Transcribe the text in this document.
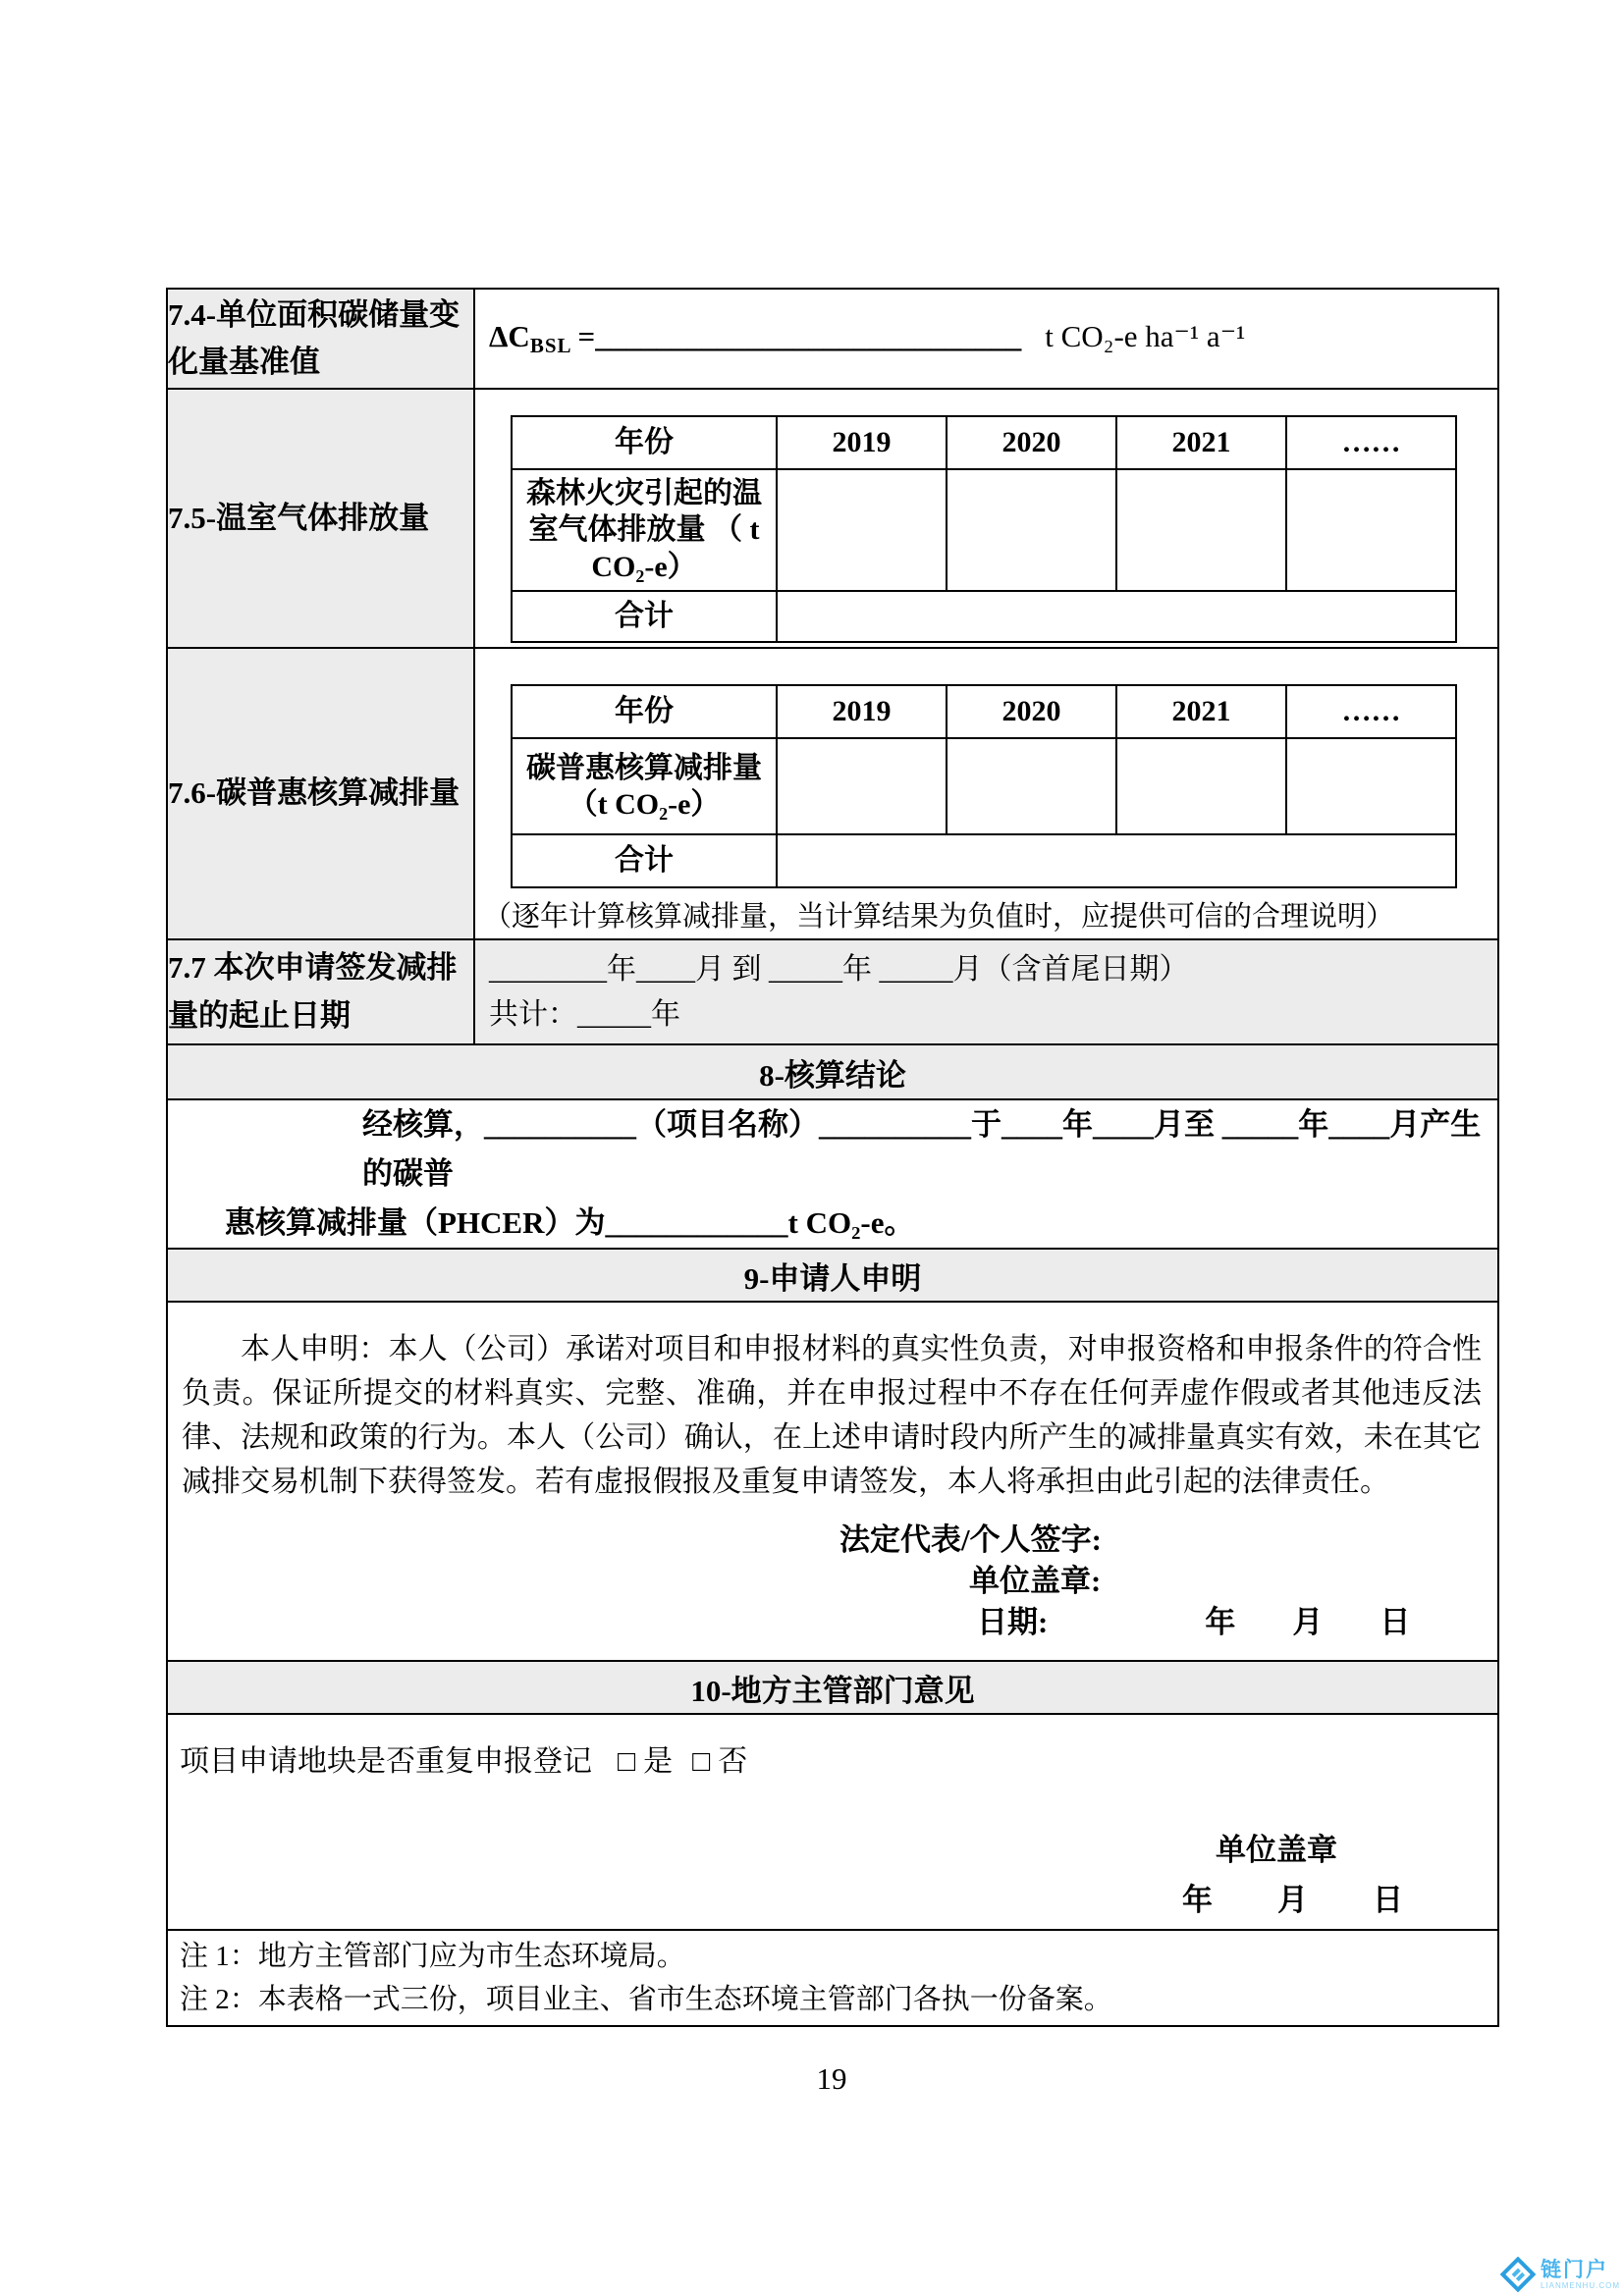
7.4-单位面积碳储量变化量基准值	
$\Delta C_{BSL}$ =____________________________ t CO₂-e ha⁻¹ a⁻¹

7.5-温室气体排放量	
年份	2019	2020	2021	……
森林火灾引起的温室气体排放量 （ t CO₂-e）				
合计	

7.6-碳普惠核算减排量	
年份	2019	2020	2021	……
碳普惠核算减排量 （t CO₂-e）				
合计	
（逐年计算核算减排量，当计算结果为负值时，应提供可信的合理说明）

7.7 本次申请签发减排量的起止日期	
________年____月 到 _____年 _____月（含首尾日期）
共计：_____年

8-核算结论

经核算，__________（项目名称）__________于____年____月至 _____年____月产生的碳普
惠核算减排量（PHCER）为____________t CO₂-e。

9-申请人申明

本人申明：本人（公司）承诺对项目和申报材料的真实性负责，对申报资格和申报条件的符合性负责。保证所提交的材料真实、完整、准确，并在申报过程中不存在任何弄虚作假或者其他违反法律、法规和政策的行为。本人（公司）确认，在上述申请时段内所产生的减排量真实有效，未在其它减排交易机制下获得签发。若有虚报假报及重复申请签发，本人将承担由此引起的法律责任。
法定代表/个人签字:
单位盖章:
日期:	年 月 日

10-地方主管部门意见

项目申请地块是否重复申报登记 □ 是 □ 否
单位盖章
年 月 日

注 1：地方主管部门应为市生态环境局。
注 2：本表格一式三份，项目业主、省市生态环境主管部门各执一份备案。
19
链门户
LIANMENHU.COM
